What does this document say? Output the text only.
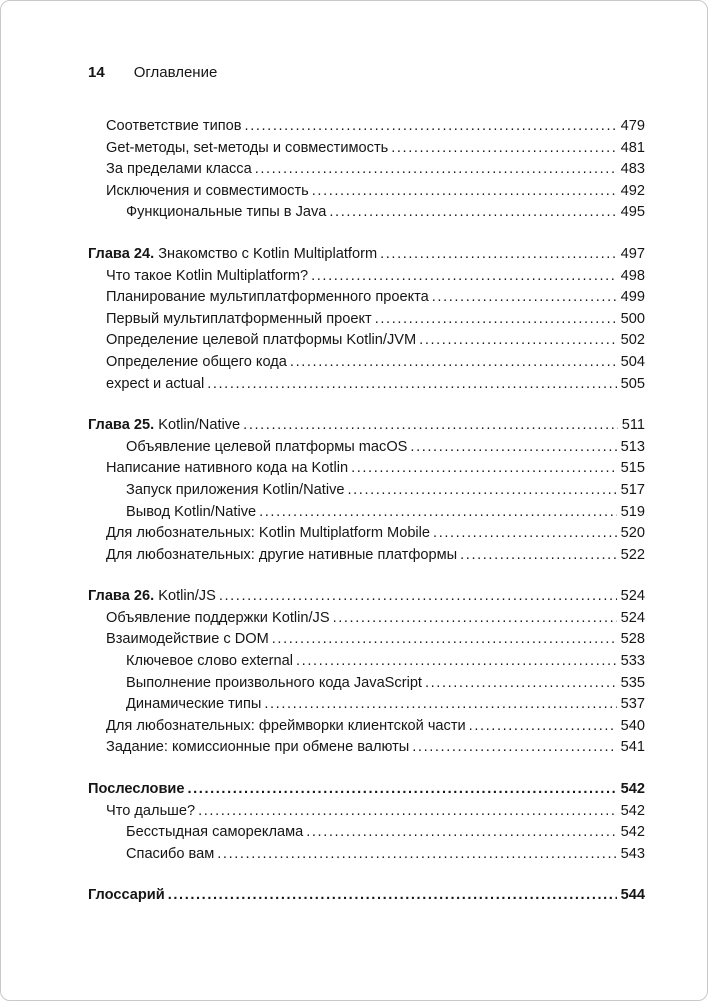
14 Оглавление
Соответствие типов .....	479
Get-методы, set-методы и совместимость .....	481
За пределами класса .....	483
Исключения и совместимость .....	492
Функциональные типы в Java .....	495
Глава 24. Знакомство с Kotlin Multiplatform .....	497
Что такое Kotlin Multiplatform? .....	498
Планирование мультиплатформенного проекта .....	499
Первый мультиплатформенный проект .....	500
Определение целевой платформы Kotlin/JVM .....	502
Определение общего кода .....	504
expect и actual .....	505
Глава 25. Kotlin/Native .....	511
Объявление целевой платформы macOS .....	513
Написание нативного кода на Kotlin .....	515
Запуск приложения Kotlin/Native .....	517
Вывод Kotlin/Native .....	519
Для любознательных: Kotlin Multiplatform Mobile .....	520
Для любознательных: другие нативные платформы .....	522
Глава 26. Kotlin/JS .....	524
Объявление поддержки Kotlin/JS .....	524
Взаимодействие с DOM .....	528
Ключевое слово external .....	533
Выполнение произвольного кода JavaScript .....	535
Динамические типы .....	537
Для любознательных: фреймворки клиентской части .....	540
Задание: комиссионные при обмене валюты .....	541
Послесловие .....	542
Что дальше? .....	542
Бесстыдная самореклама .....	542
Спасибо вам .....	543
Глоссарий .....	544
